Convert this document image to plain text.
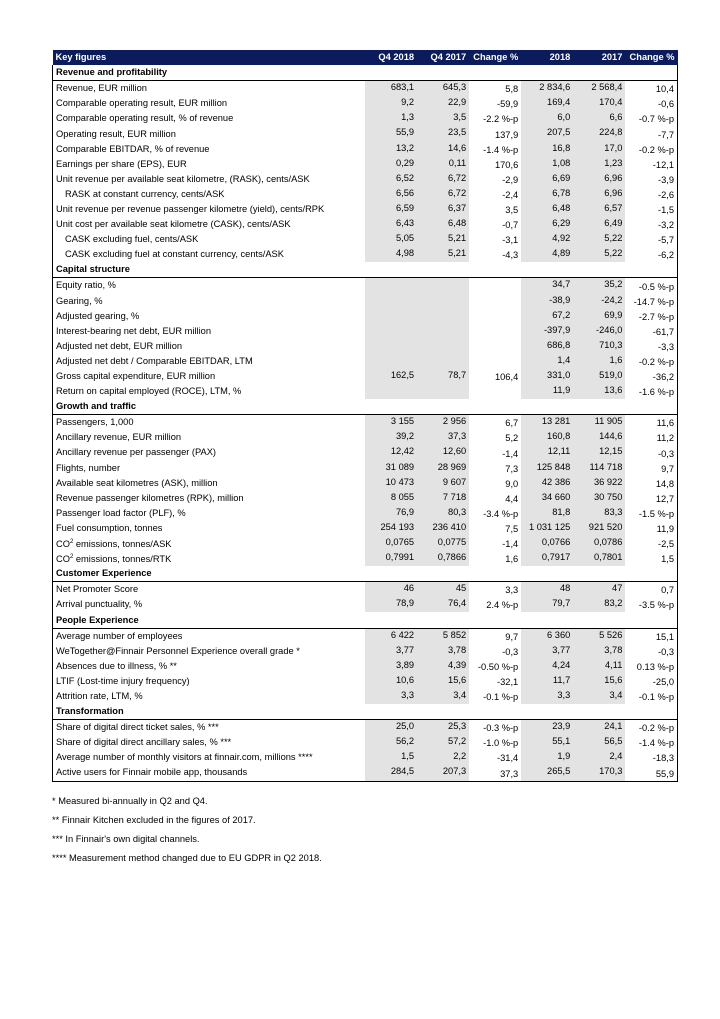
Key figures	Q4 2018	Q4 2017	Change %	2018	2017	Change %
Revenue and profitability						
Revenue, EUR million	683,1	645,3	5,8	2 834,6	2 568,4	10,4
Comparable operating result, EUR million	9,2	22,9	-59,9	169,4	170,4	-0,6
Comparable operating result, % of revenue	1,3	3,5	-2.2 %-p	6,0	6,6	-0.7 %-p
Operating result, EUR million	55,9	23,5	137,9	207,5	224,8	-7,7
Comparable EBITDAR, % of revenue	13,2	14,6	-1.4 %-p	16,8	17,0	-0.2 %-p
Earnings per share (EPS), EUR	0,29	0,11	170,6	1,08	1,23	-12,1
Unit revenue per available seat kilometre, (RASK), cents/ASK	6,52	6,72	-2,9	6,69	6,96	-3,9
RASK at constant currency, cents/ASK	6,56	6,72	-2,4	6,78	6,96	-2,6
Unit revenue per revenue passenger kilometre (yield), cents/RPK	6,59	6,37	3,5	6,48	6,57	-1,5
Unit cost per available seat kilometre (CASK), cents/ASK	6,43	6,48	-0,7	6,29	6,49	-3,2
CASK excluding fuel, cents/ASK	5,05	5,21	-3,1	4,92	5,22	-5,7
CASK excluding fuel at constant currency, cents/ASK	4,98	5,21	-4,3	4,89	5,22	-6,2
Capital structure						
Equity ratio, %				34,7	35,2	-0.5 %-p
Gearing, %				-38,9	-24,2	-14.7 %-p
Adjusted gearing, %				67,2	69,9	-2.7 %-p
Interest-bearing net debt, EUR million				-397,9	-246,0	-61,7
Adjusted net debt, EUR million				686,8	710,3	-3,3
Adjusted net debt / Comparable EBITDAR, LTM				1,4	1,6	-0.2 %-p
Gross capital expenditure, EUR million	162,5	78,7	106,4	331,0	519,0	-36,2
Return on capital employed (ROCE), LTM, %				11,9	13,6	-1.6 %-p
Growth and traffic						
Passengers, 1,000	3 155	2 956	6,7	13 281	11 905	11,6
Ancillary revenue, EUR million	39,2	37,3	5,2	160,8	144,6	11,2
Ancillary revenue per passenger (PAX)	12,42	12,60	-1,4	12,11	12,15	-0,3
Flights, number	31 089	28 969	7,3	125 848	114 718	9,7
Available seat kilometres (ASK), million	10 473	9 607	9,0	42 386	36 922	14,8
Revenue passenger kilometres (RPK), million	8 055	7 718	4,4	34 660	30 750	12,7
Passenger load factor (PLF), %	76,9	80,3	-3.4 %-p	81,8	83,3	-1.5 %-p
Fuel consumption, tonnes	254 193	236 410	7,5	1 031 125	921 520	11,9
$CO^2$ emissions, tonnes/ASK	0,0765	0,0775	-1,4	0,0766	0,0786	-2,5
$CO^2$ emissions, tonnes/RTK	0,7991	0,7866	1,6	0,7917	0,7801	1,5
Customer Experience						
Net Promoter Score	46	45	3,3	48	47	0,7
Arrival punctuality, %	78,9	76,4	2.4 %-p	79,7	83,2	-3.5 %-p
People Experience						
Average number of employees	6 422	5 852	9,7	6 360	5 526	15,1
WeTogether@Finnair Personnel Experience overall grade *	3,77	3,78	-0,3	3,77	3,78	-0,3
Absences due to illness, % **	3,89	4,39	-0.50 %-p	4,24	4,11	0.13 %-p
LTIF (Lost-time injury frequency)	10,6	15,6	-32,1	11,7	15,6	-25,0
Attrition rate, LTM, %	3,3	3,4	-0.1 %-p	3,3	3,4	-0.1 %-p
Transformation						
Share of digital direct ticket sales, % ***	25,0	25,3	-0.3 %-p	23,9	24,1	-0.2 %-p
Share of digital direct ancillary sales, % ***	56,2	57,2	-1.0 %-p	55,1	56,5	-1.4 %-p
Average number of monthly visitors at finnair.com, millions ****	1,5	2,2	-31,4	1,9	2,4	-18,3
Active users for Finnair mobile app, thousands	284,5	207,3	37,3	265,5	170,3	55,9
* Measured bi-annually in Q2 and Q4.
** Finnair Kitchen excluded in the figures of 2017.
*** In Finnair's own digital channels.
**** Measurement method changed due to EU GDPR in Q2 2018.
